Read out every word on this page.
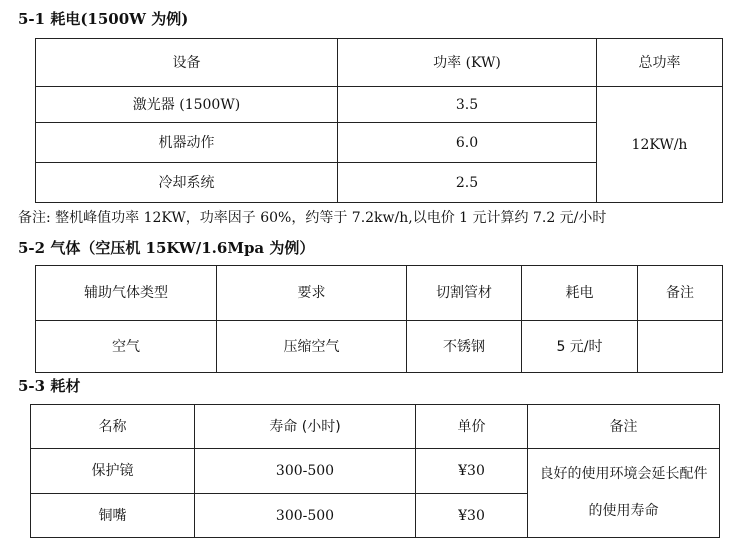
5-1 耗电(1500W 为例)
设备	功率 (KW)	总功率
激光器 (1500W)	3.5	12KW/h
机器动作	6.0	
冷却系统	2.5	
备注: 整机峰值功率 12KW，功率因子 60%，约等于 7.2kw/h,以电价 1 元计算约 7.2 元/小时
5-2 气体（空压机 15KW/1.6Mpa 为例）
辅助气体类型	要求	切割管材	耗电	备注
空气	压缩空气	不锈钢	5 元/时	
5-3 耗材
名称	寿命 (小时)	单价	备注
保护镜	300-500	¥30	良好的使用环境会延长配件
铜嘴	300-500	¥30	的使用寿命
